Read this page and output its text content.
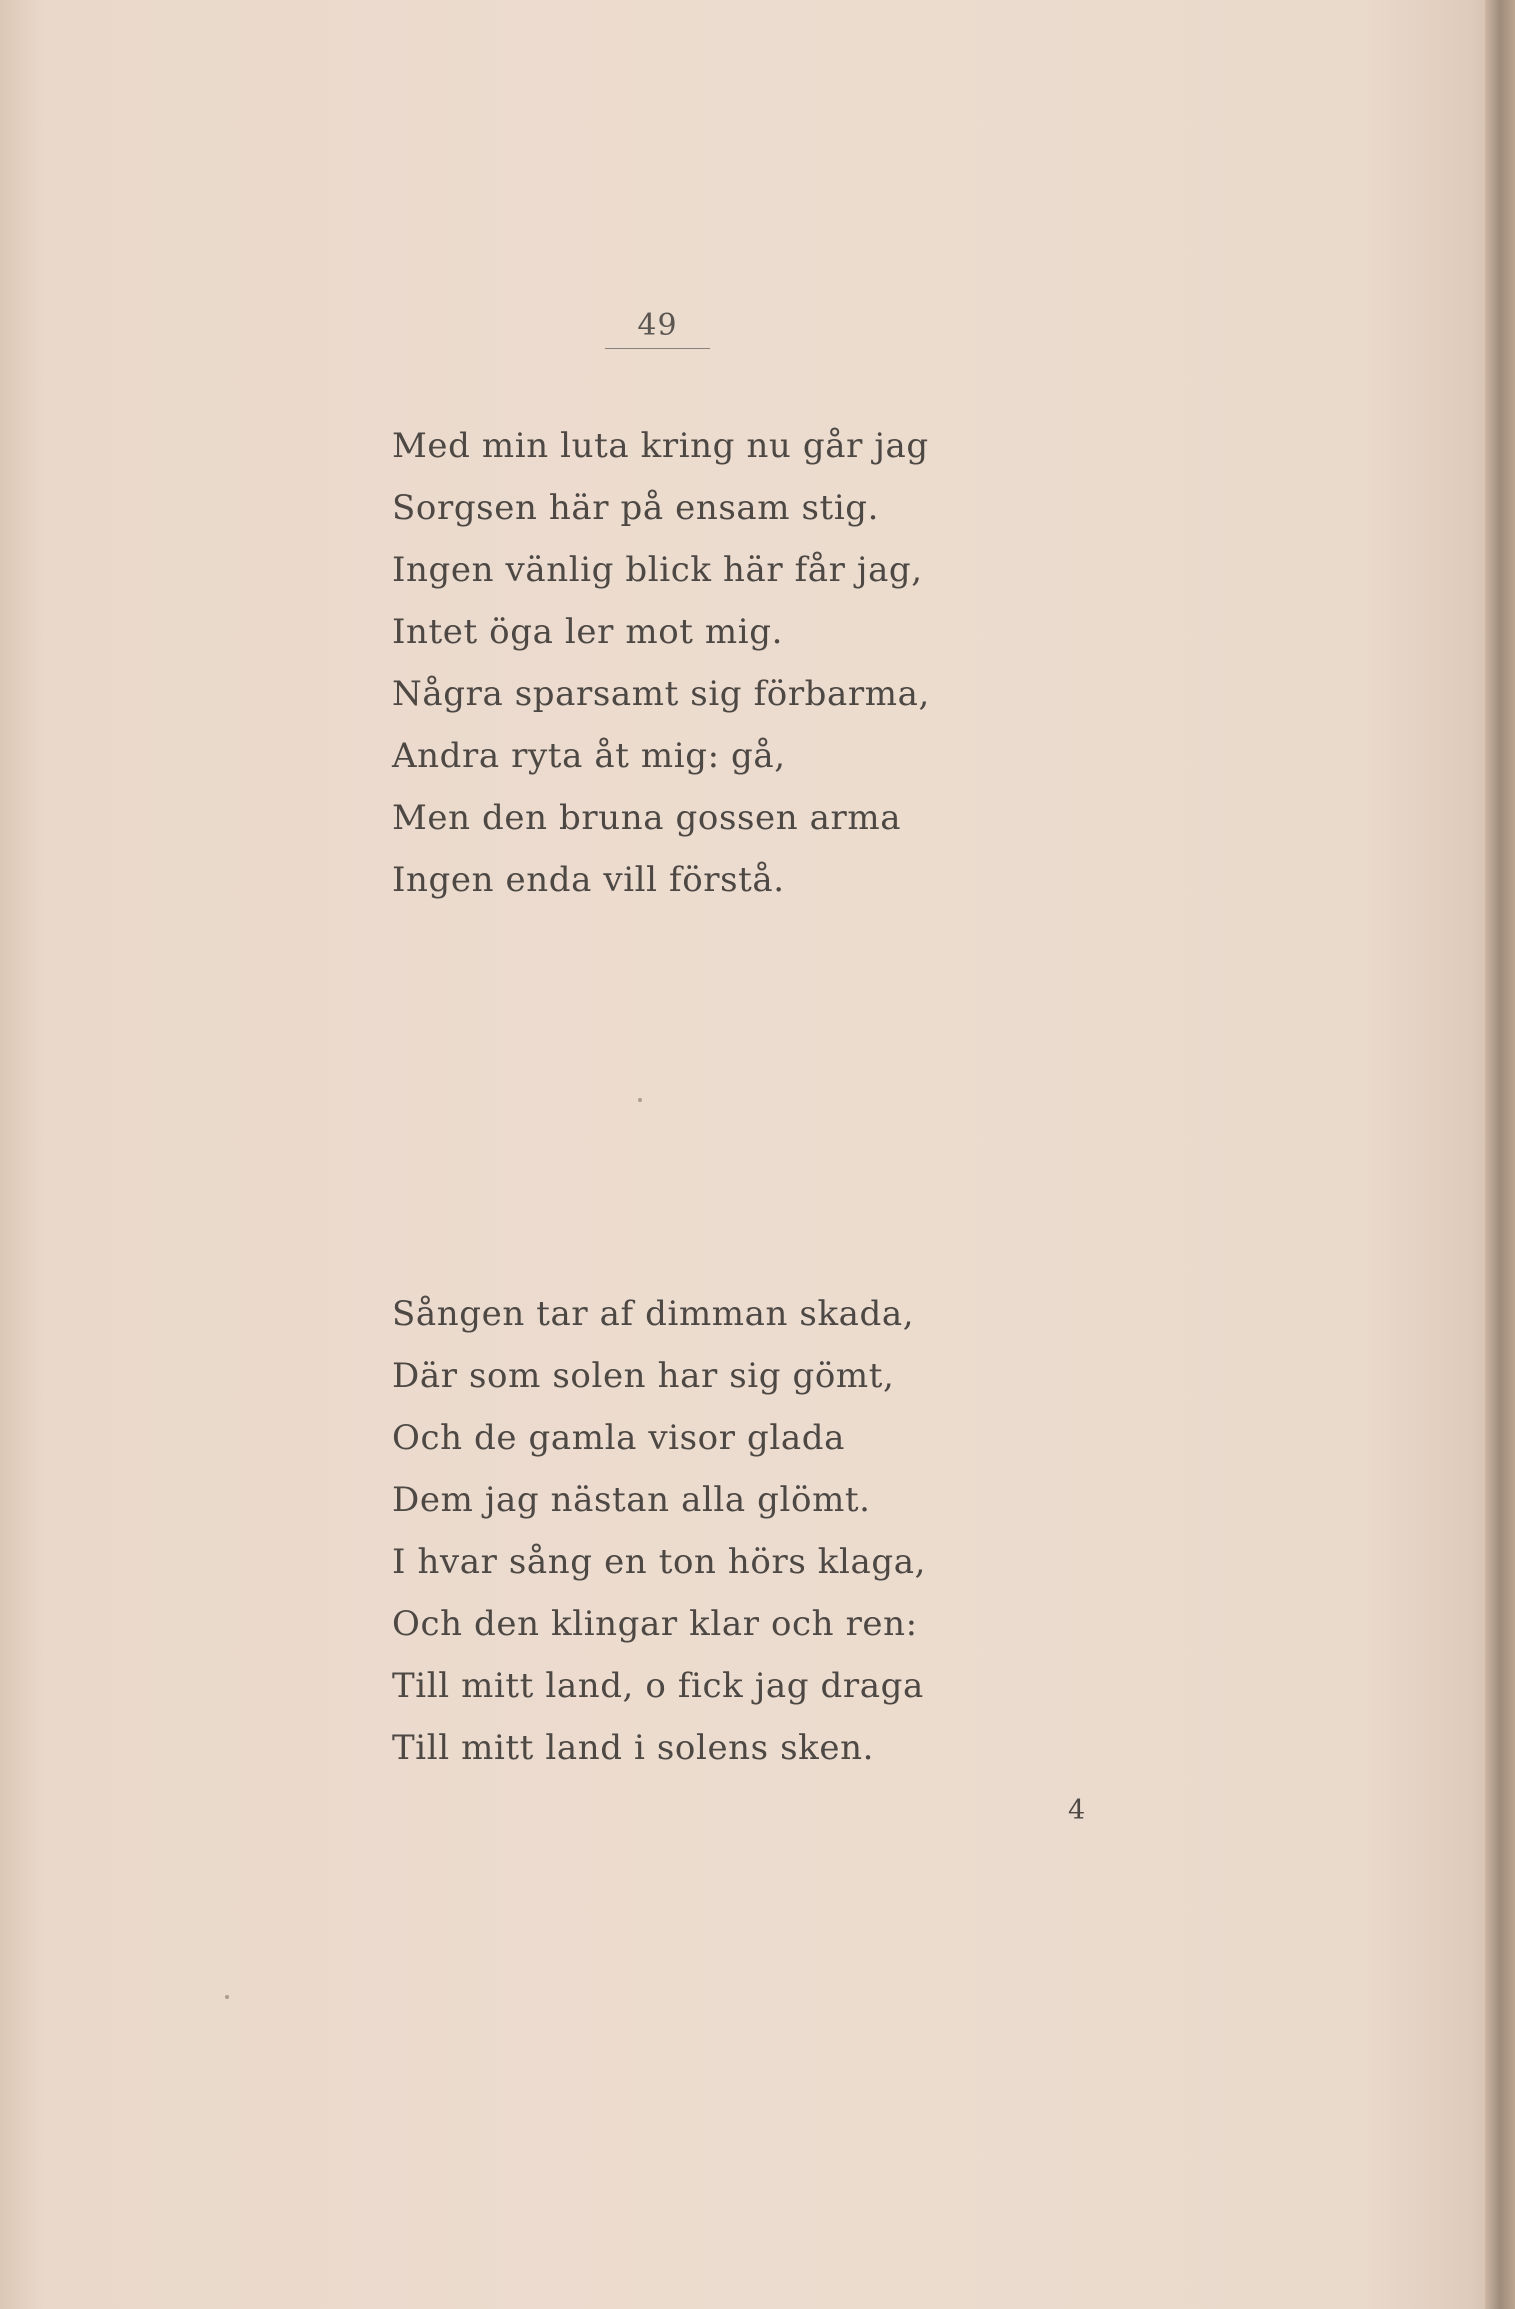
49
Med min luta kring nu går jag
Sorgsen här på ensam stig.
Ingen vänlig blick här får jag,
Intet öga ler mot mig.
Några sparsamt sig förbarma,
Andra ryta åt mig: gå,
Men den bruna gossen arma
Ingen enda vill förstå.
Sången tar af dimman skada,
Där som solen har sig gömt,
Och de gamla visor glada
Dem jag nästan alla glömt.
I hvar sång en ton hörs klaga,
Och den klingar klar och ren:
Till mitt land, o fick jag draga
Till mitt land i solens sken.
4
